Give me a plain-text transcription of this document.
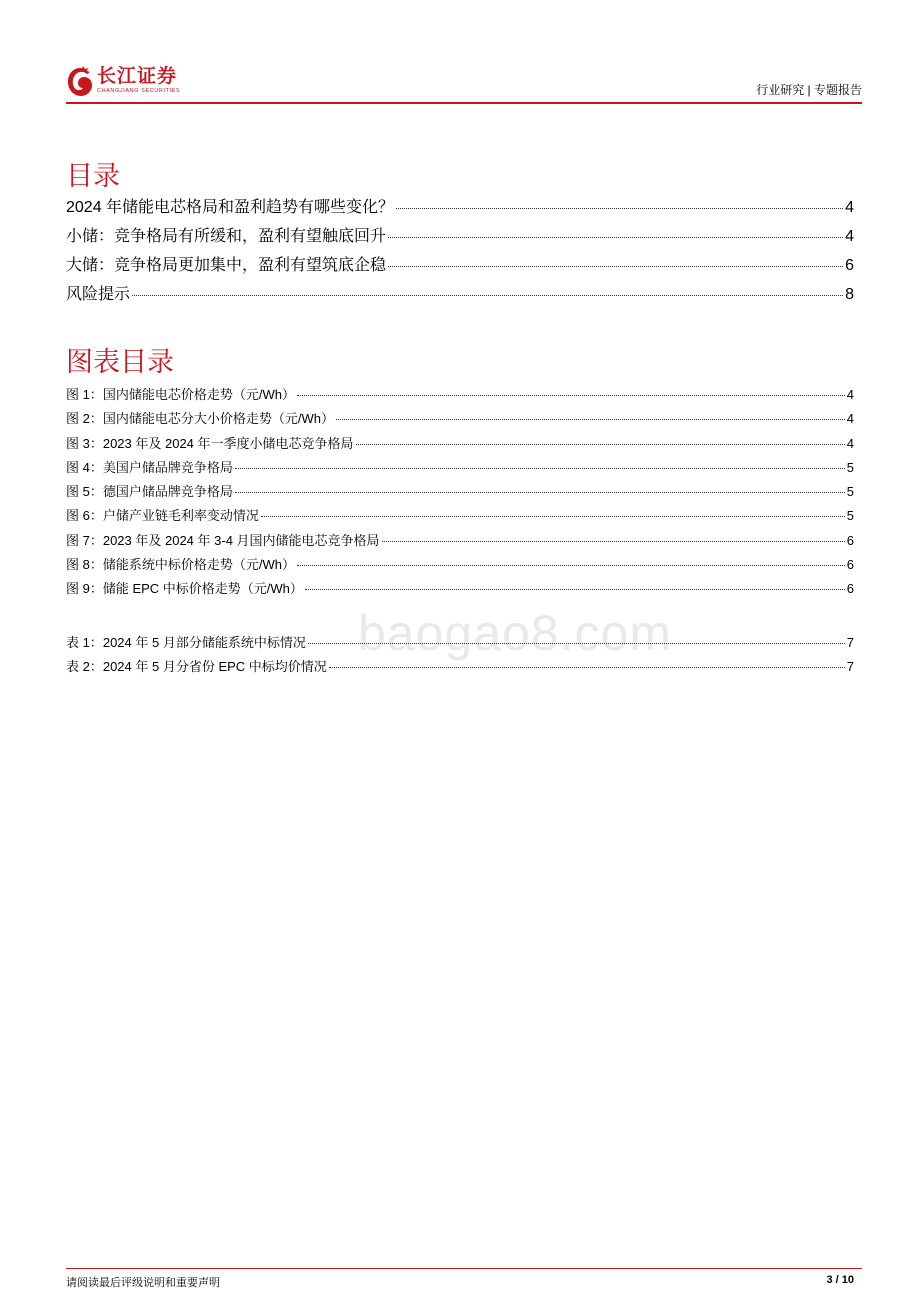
长江证券
CHANGJIANG SECURITIES	行业研究 | 专题报告
目录
2024 年储能电芯格局和盈利趋势有哪些变化？	4
小储：竞争格局有所缓和，盈利有望触底回升	4
大储：竞争格局更加集中，盈利有望筑底企稳	6
风险提示	8
图表目录
图 1：国内储能电芯价格走势（元/Wh）	4
图 2：国内储能电芯分大小价格走势（元/Wh）	4
图 3：2023 年及 2024 年一季度小储电芯竞争格局	4
图 4：美国户储品牌竞争格局	5
图 5：德国户储品牌竞争格局	5
图 6：户储产业链毛利率变动情况	5
图 7：2023 年及 2024 年 3-4 月国内储能电芯竞争格局	6
图 8：储能系统中标价格走势（元/Wh）	6
图 9：储能 EPC 中标价格走势（元/Wh）	6
表 1：2024 年 5 月部分储能系统中标情况	7
表 2：2024 年 5 月分省份 EPC 中标均价情况	7
baogao8.com
请阅读最后评级说明和重要声明	3 / 10
